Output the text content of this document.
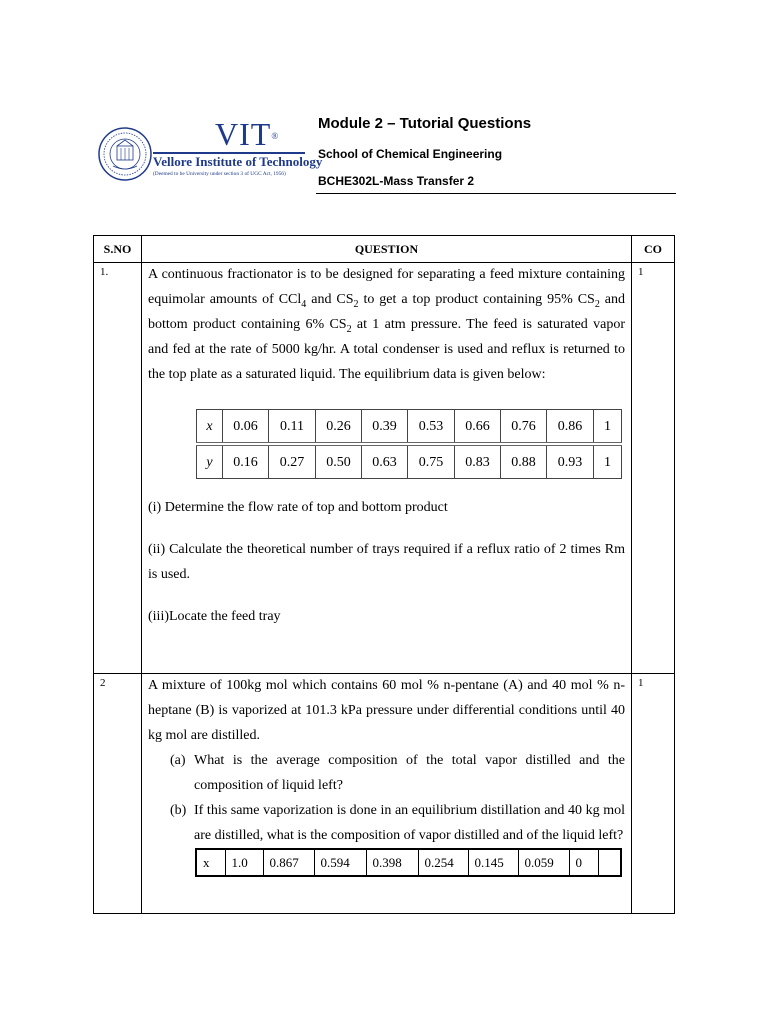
VIT®
Vellore Institute of Technology
(Deemed to be University under section 3 of UGC Act, 1956)
Module 2 – Tutorial Questions
School of Chemical Engineering
BCHE302L-Mass Transfer 2
S.NO	QUESTION	CO
1.	A continuous fractionator is to be designed for separating a feed mixture containing equimolar amounts of CCl$_4$ and $CS_2$ to get a top product containing 95% $CS_2$ and bottom product containing 6% $CS_2$ at 1 atm pressure. The feed is saturated vapor and fed at the rate of 5000 kg/hr. A total condenser is used and reflux is returned to the top plate as a saturated liquid. The equilibrium data is given below:

x	0.06	0.11	0.26	0.39	0.53	0.66	0.76	0.86	1
y	0.16	0.27	0.50	0.63	0.75	0.83	0.88	0.93	1

(i) Determine the flow rate of top and bottom product

(ii) Calculate the theoretical number of trays required if a reflux ratio of 2 times Rm is used.

(iii)Locate the feed tray

	1
2	A mixture of 100kg mol which contains 60 mol % n-pentane (A) and 40 mol % n-heptane (B) is vaporized at 101.3 kPa pressure under differential conditions until 40 kg mol are distilled.

(a) What is the average composition of the total vapor distilled and the composition of liquid left?
(b) If this same vaporization is done in an equilibrium distillation and 40 kg mol are distilled, what is the composition of vapor distilled and of the liquid left?
x	1.0	0.867	0.594	0.398	0.254	0.145	0.059	0	
	1
